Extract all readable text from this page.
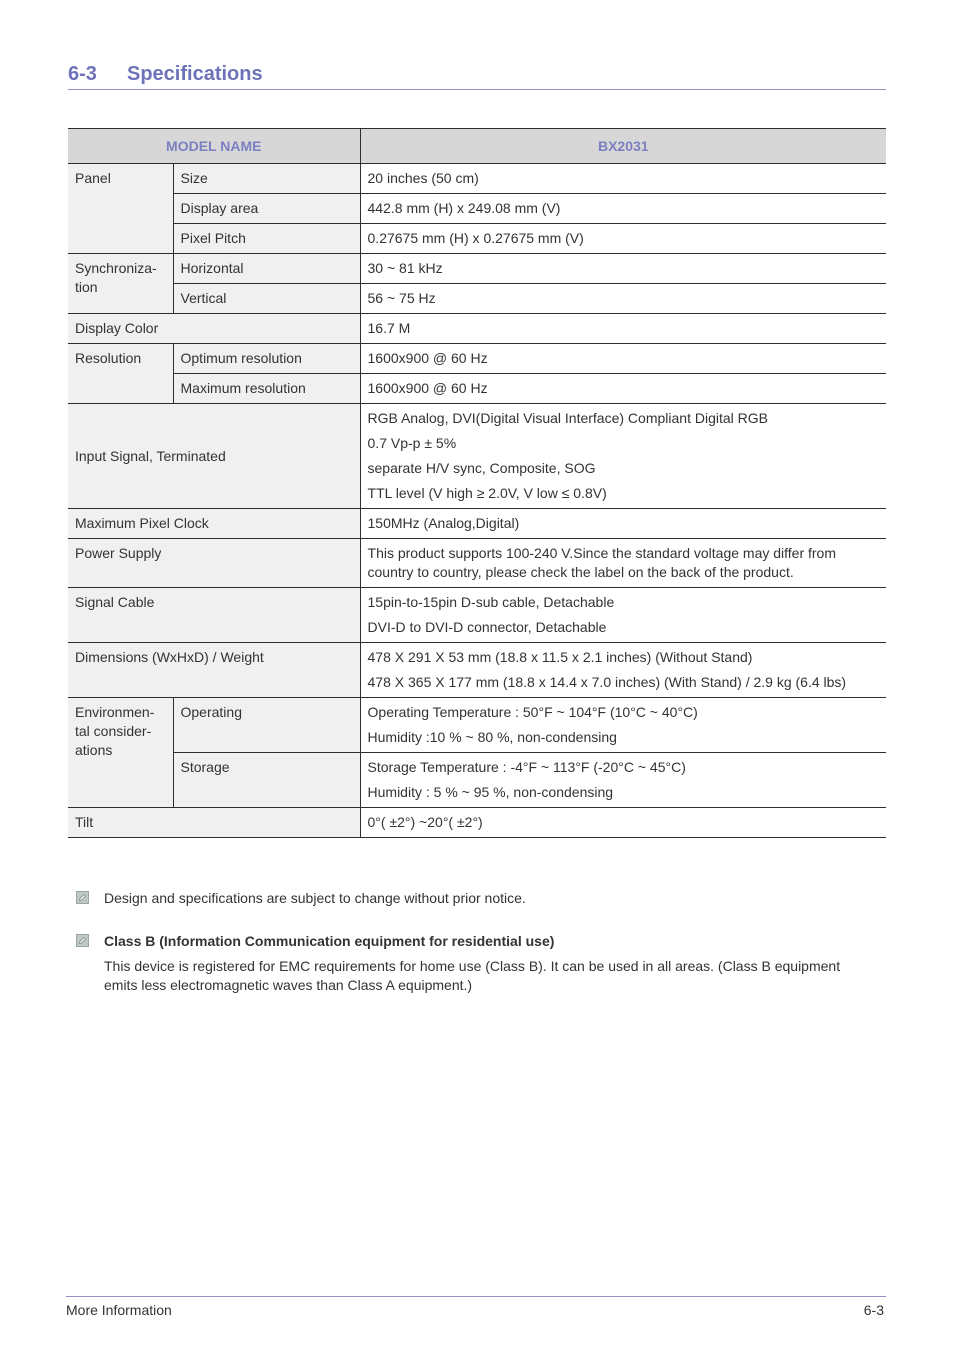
6-3 Specifications
MODEL NAME		BX2031
Panel	Size	20 inches (50 cm)
	Display area	442.8 mm (H) x 249.08 mm (V)
	Pixel Pitch	0.27675 mm (H) x 0.27675 mm (V)

Synchroniza-
tion	Horizontal	30 ~ 81 kHz
	Vertical	56 ~ 75 Hz
Display Color		16.7 M
Resolution	Optimum resolution	1600x900 @ 60 Hz
	Maximum resolution	1600x900 @ 60 Hz
Input Signal, Terminated		RGB Analog, DVI(Digital Visual Interface) Compliant Digital RGB
0.7 Vp-p ± 5%
separate H/V sync, Composite, SOG
TTL level (V high ≥ 2.0V, V low ≤ 0.8V)

Maximum Pixel Clock		150MHz (Analog,Digital)
Power Supply		This product supports 100-240 V.Since the standard voltage may differ from country to country, please check the label on the back of the product.
Signal Cable		15pin-to-15pin D-sub cable, Detachable
DVI-D to DVI-D connector, Detachable

Dimensions (WxHxD) / Weight		478 X 291 X 53 mm (18.8 x 11.5 x 2.1 inches) (Without Stand)
478 X 365 X 177 mm (18.8 x 14.4 x 7.0 inches) (With Stand) / 2.9 kg (6.4 lbs)

Environmen-
tal consider-
ations	Operating	Operating Temperature : 50°F ~ 104°F (10°C ~ 40°C)
Humidity :10 % ~ 80 %, non-condensing

	Storage	Storage Temperature : -4°F ~ 113°F (-20°C ~ 45°C)
Humidity : 5 % ~ 95 %, non-condensing

Tilt		0°( ±2°) ~20°( ±2°)
Design and specifications are subject to change without prior notice.
Class B (Information Communication equipment for residential use)
This device is registered for EMC requirements for home use (Class B). It can be used in all areas. (Class B equipment emits less electromagnetic waves than Class A equipment.)
More Information	6-3
